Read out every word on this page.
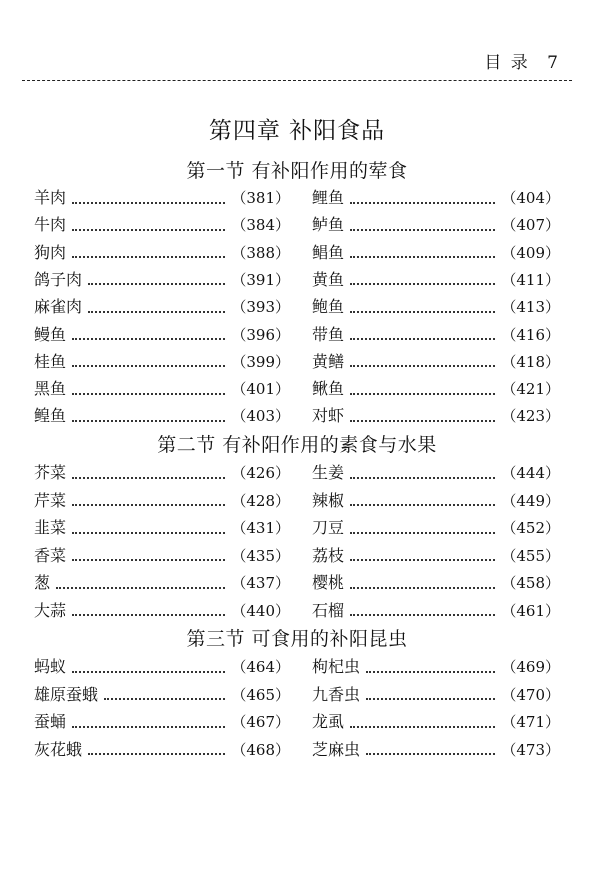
目 录 7
第四章 补阳食品
第一节 有补阳作用的荤食
第二节 有补阳作用的素食与水果
第三节 可食用的补阳昆虫
羊肉	（381）
牛肉	（384）
狗肉	（388）
鸽子肉	（391）
麻雀肉	（393）
鳗鱼	（396）
桂鱼	（399）
黑鱼	（401）
鳇鱼	（403）
鲤鱼	（404）
鲈鱼	（407）
鲳鱼	（409）
黄鱼	（411）
鲍鱼	（413）
带鱼	（416）
黄鳝	（418）
鳅鱼	（421）
对虾	（423）
芥菜	（426）
芹菜	（428）
韭菜	（431）
香菜	（435）
葱	（437）
大蒜	（440）
生姜	（444）
辣椒	（449）
刀豆	（452）
荔枝	（455）
樱桃	（458）
石榴	（461）
蚂蚁	（464）
雄原蚕蛾	（465）
蚕蛹	（467）
灰花蛾	（468）
枸杞虫	（469）
九香虫	（470）
龙虱	（471）
芝麻虫	（473）
